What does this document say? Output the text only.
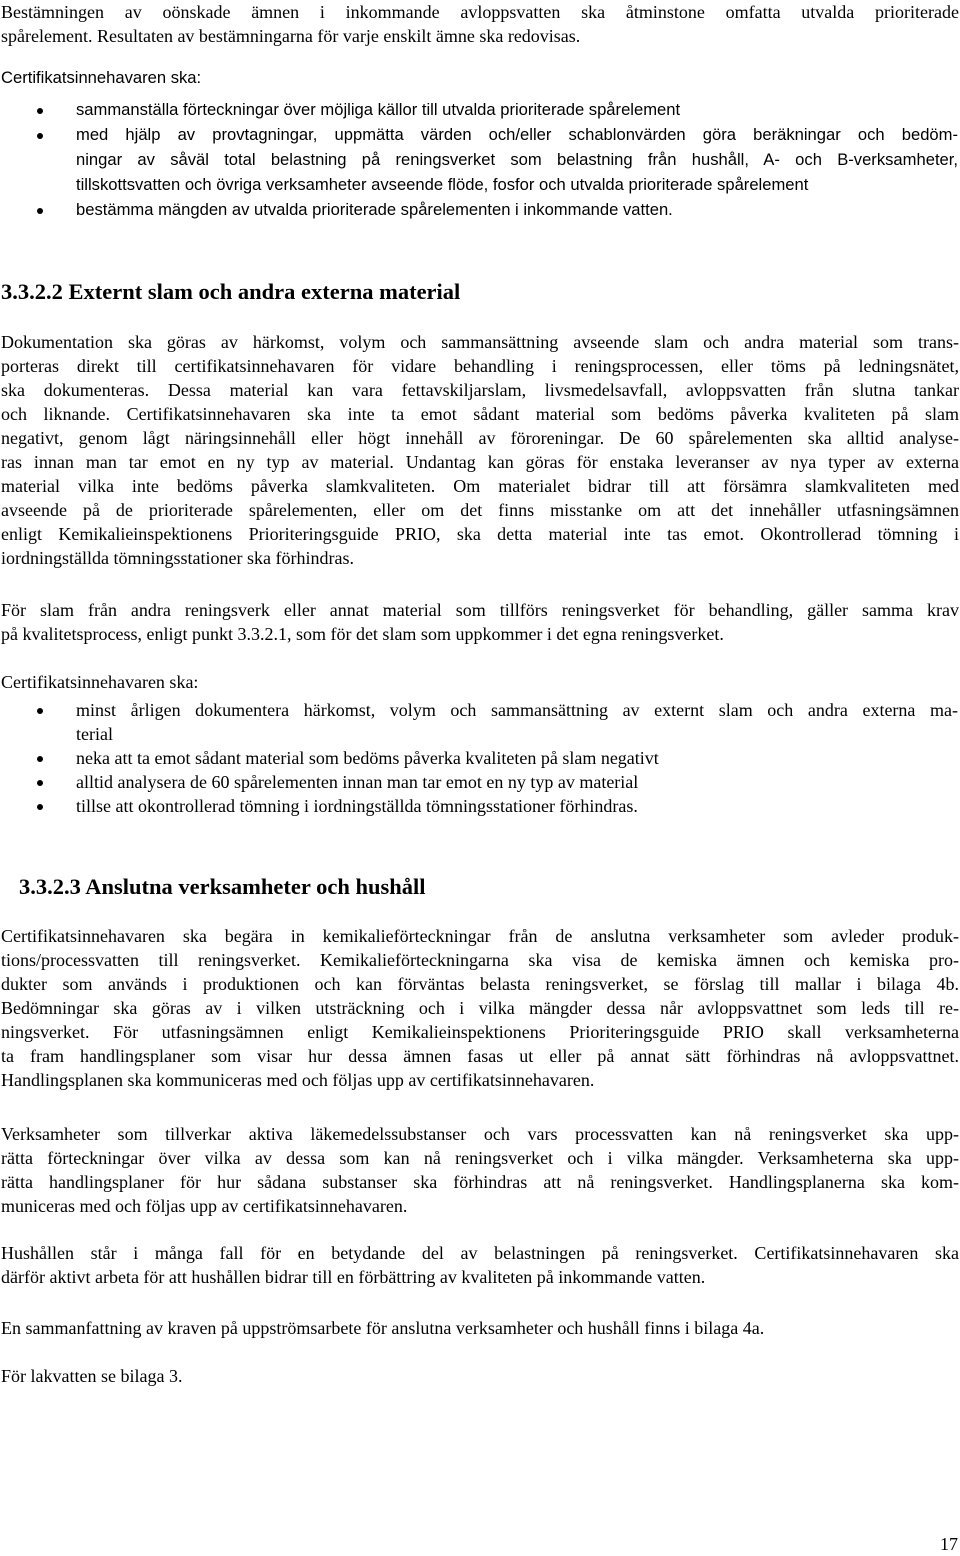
Bestämningen av oönskade ämnen i inkommande avloppsvatten ska åtminstone omfatta utvalda prioriterade
spårelement. Resultaten av bestämningarna för varje enskilt ämne ska redovisas.
Certifikatsinnehavaren ska:
sammanställa förteckningar över möjliga källor till utvalda prioriterade spårelement
med hjälp av provtagningar, uppmätta värden och/eller schablonvärden göra beräkningar och bedöm-
ningar av såväl total belastning på reningsverket som belastning från hushåll, A- och B-verksamheter,
tillskottsvatten och övriga verksamheter avseende flöde, fosfor och utvalda prioriterade spårelement
bestämma mängden av utvalda prioriterade spårelementen i inkommande vatten.
3.3.2.2 Externt slam och andra externa material
Dokumentation ska göras av härkomst, volym och sammansättning avseende slam och andra material som trans-
porteras direkt till certifikatsinnehavaren för vidare behandling i reningsprocessen, eller töms på ledningsnätet,
ska dokumenteras. Dessa material kan vara fettavskiljarslam, livsmedelsavfall, avloppsvatten från slutna tankar
och liknande. Certifikatsinnehavaren ska inte ta emot sådant material som bedöms påverka kvaliteten på slam
negativt, genom lågt näringsinnehåll eller högt innehåll av föroreningar. De 60 spårelementen ska alltid analyse-
ras innan man tar emot en ny typ av material. Undantag kan göras för enstaka leveranser av nya typer av externa
material vilka inte bedöms påverka slamkvaliteten. Om materialet bidrar till att försämra slamkvaliteten med
avseende på de prioriterade spårelementen, eller om det finns misstanke om att det innehåller utfasningsämnen
enligt Kemikalieinspektionens Prioriteringsguide PRIO, ska detta material inte tas emot. Okontrollerad tömning i
iordningställda tömningsstationer ska förhindras.
För slam från andra reningsverk eller annat material som tillförs reningsverket för behandling, gäller samma krav
på kvalitetsprocess, enligt punkt 3.3.2.1, som för det slam som uppkommer i det egna reningsverket.
Certifikatsinnehavaren ska:
minst årligen dokumentera härkomst, volym och sammansättning av externt slam och andra externa ma-
terial
neka att ta emot sådant material som bedöms påverka kvaliteten på slam negativt
alltid analysera de 60 spårelementen innan man tar emot en ny typ av material
tillse att okontrollerad tömning i iordningställda tömningsstationer förhindras.
3.3.2.3 Anslutna verksamheter och hushåll
Certifikatsinnehavaren ska begära in kemikalieförteckningar från de anslutna verksamheter som avleder produk-
tions/processvatten till reningsverket. Kemikalieförteckningarna ska visa de kemiska ämnen och kemiska pro-
dukter som används i produktionen och kan förväntas belasta reningsverket, se förslag till mallar i bilaga 4b.
Bedömningar ska göras av i vilken utsträckning och i vilka mängder dessa når avloppsvattnet som leds till re-
ningsverket. För utfasningsämnen enligt Kemikalieinspektionens Prioriteringsguide PRIO skall verksamheterna
ta fram handlingsplaner som visar hur dessa ämnen fasas ut eller på annat sätt förhindras nå avloppsvattnet.
Handlingsplanen ska kommuniceras med och följas upp av certifikatsinnehavaren.
Verksamheter som tillverkar aktiva läkemedelssubstanser och vars processvatten kan nå reningsverket ska upp-
rätta förteckningar över vilka av dessa som kan nå reningsverket och i vilka mängder. Verksamheterna ska upp-
rätta handlingsplaner för hur sådana substanser ska förhindras att nå reningsverket. Handlingsplanerna ska kom-
municeras med och följas upp av certifikatsinnehavaren.
Hushållen står i många fall för en betydande del av belastningen på reningsverket. Certifikatsinnehavaren ska
därför aktivt arbeta för att hushållen bidrar till en förbättring av kvaliteten på inkommande vatten.
En sammanfattning av kraven på uppströmsarbete för anslutna verksamheter och hushåll finns i bilaga 4a.
För lakvatten se bilaga 3.
17
